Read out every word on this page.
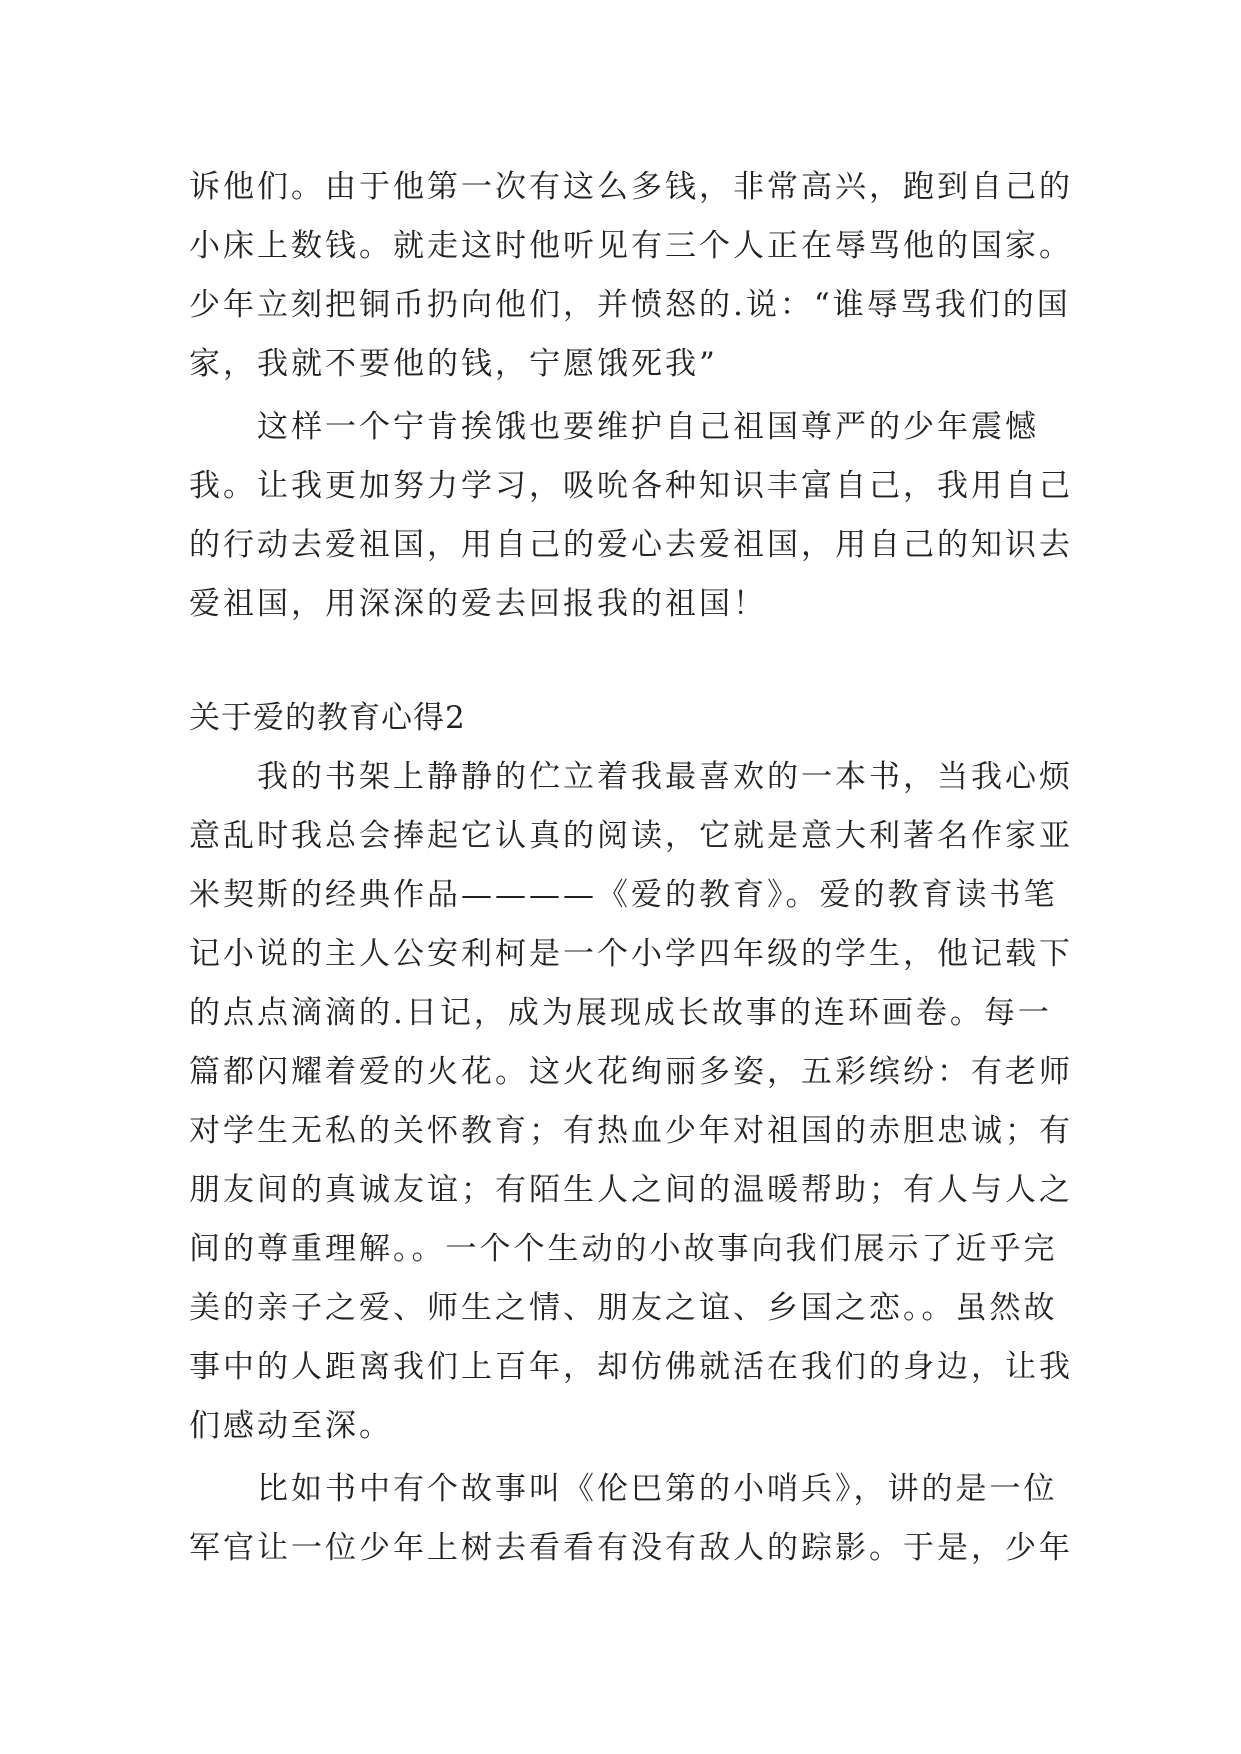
诉他们。由于他第一次有这么多钱，非常高兴，跑到自己的
小床上数钱。就走这时他听见有三个人正在辱骂他的国家。
少年立刻把铜币扔向他们，并愤怒的.说：“谁辱骂我们的国
家，我就不要他的钱，宁愿饿死我”
这样一个宁肯挨饿也要维护自己祖国尊严的少年震憾
我。让我更加努力学习，吸吮各种知识丰富自己，我用自己
的行动去爱祖国，用自己的爱心去爱祖国，用自己的知识去
爱祖国，用深深的爱去回报我的祖国！
关于爱的教育心得2
我的书架上静静的伫立着我最喜欢的一本书，当我心烦
意乱时我总会捧起它认真的阅读，它就是意大利著名作家亚
米契斯的经典作品————《爱的教育》。爱的教育读书笔
记小说的主人公安利柯是一个小学四年级的学生，他记载下
的点点滴滴的.日记，成为展现成长故事的连环画卷。每一
篇都闪耀着爱的火花。这火花绚丽多姿，五彩缤纷：有老师
对学生无私的关怀教育；有热血少年对祖国的赤胆忠诚；有
朋友间的真诚友谊；有陌生人之间的温暖帮助；有人与人之
间的尊重理解。。一个个生动的小故事向我们展示了近乎完
美的亲子之爱、师生之情、朋友之谊、乡国之恋。。虽然故
事中的人距离我们上百年，却仿佛就活在我们的身边，让我
们感动至深。
比如书中有个故事叫《伦巴第的小哨兵》，讲的是一位
军官让一位少年上树去看看有没有敌人的踪影。于是，少年
